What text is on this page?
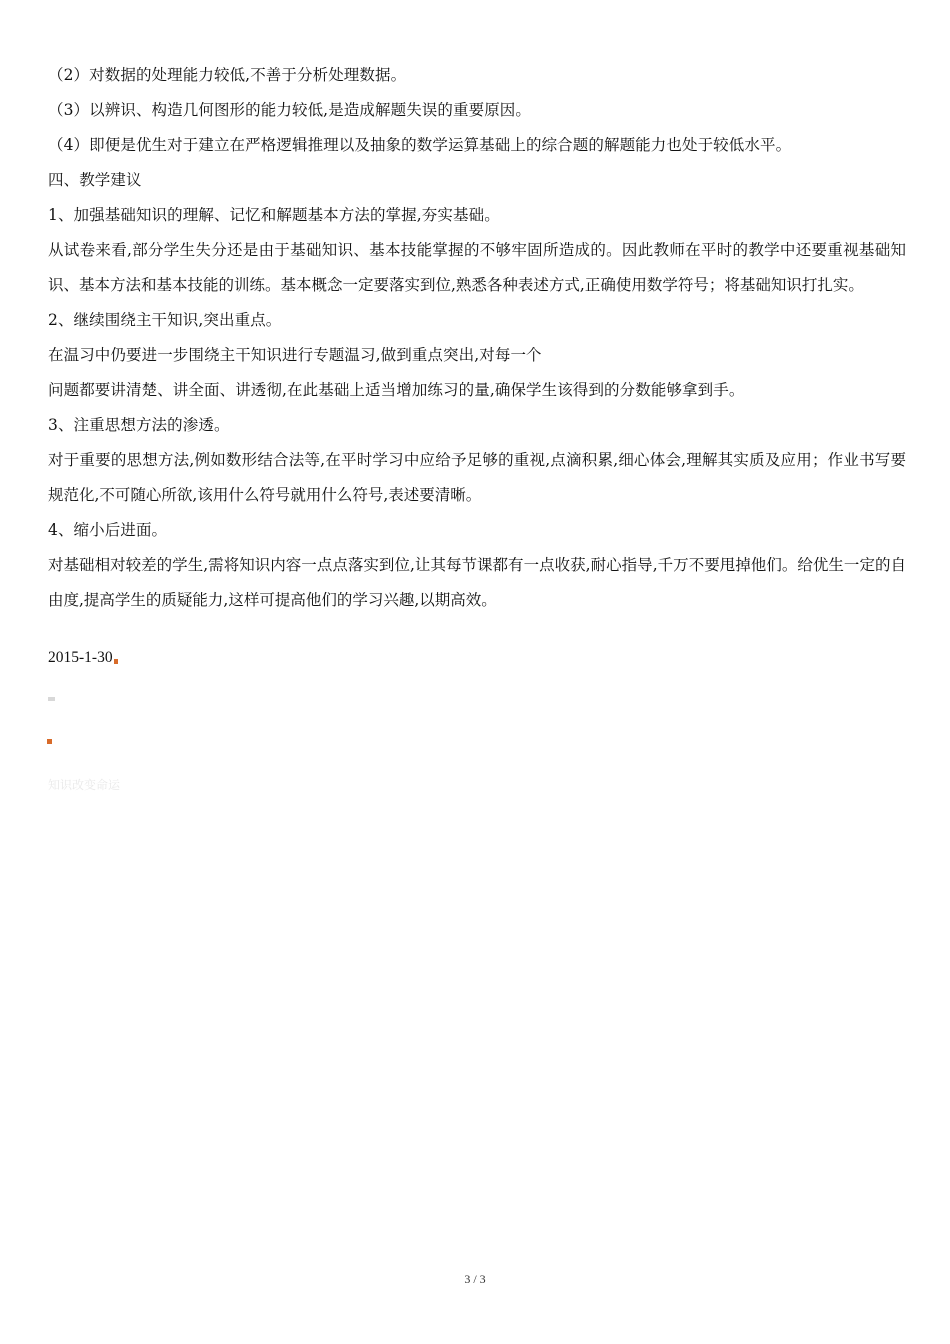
（2）对数据的处理能力较低,不善于分析处理数据。
（3）以辨识、构造几何图形的能力较低,是造成解题失误的重要原因。
（4）即便是优生对于建立在严格逻辑推理以及抽象的数学运算基础上的综合题的解题能力也处于较低水平。
四、教学建议
1、加强基础知识的理解、记忆和解题基本方法的掌握,夯实基础。
从试卷来看,部分学生失分还是由于基础知识、基本技能掌握的不够牢固所造成的。因此教师在平时的教学中还要重视基础知识、基本方法和基本技能的训练。基本概念一定要落实到位,熟悉各种表述方式,正确使用数学符号；将基础知识打扎实。
2、继续围绕主干知识,突出重点。
在温习中仍要进一步围绕主干知识进行专题温习,做到重点突出,对每一个
问题都要讲清楚、讲全面、讲透彻,在此基础上适当增加练习的量,确保学生该得到的分数能够拿到手。
3、注重思想方法的渗透。
对于重要的思想方法,例如数形结合法等,在平时学习中应给予足够的重视,点滴积累,细心体会,理解其实质及应用；作业书写要规范化,不可随心所欲,该用什么符号就用什么符号,表述要清晰。
4、缩小后进面。
对基础相对较差的学生,需将知识内容一点点落实到位,让其每节课都有一点收获,耐心指导,千万不要甩掉他们。给优生一定的自由度,提高学生的质疑能力,这样可提高他们的学习兴趣,以期高效。
2015-1-30
知识改变命运
3 / 3
